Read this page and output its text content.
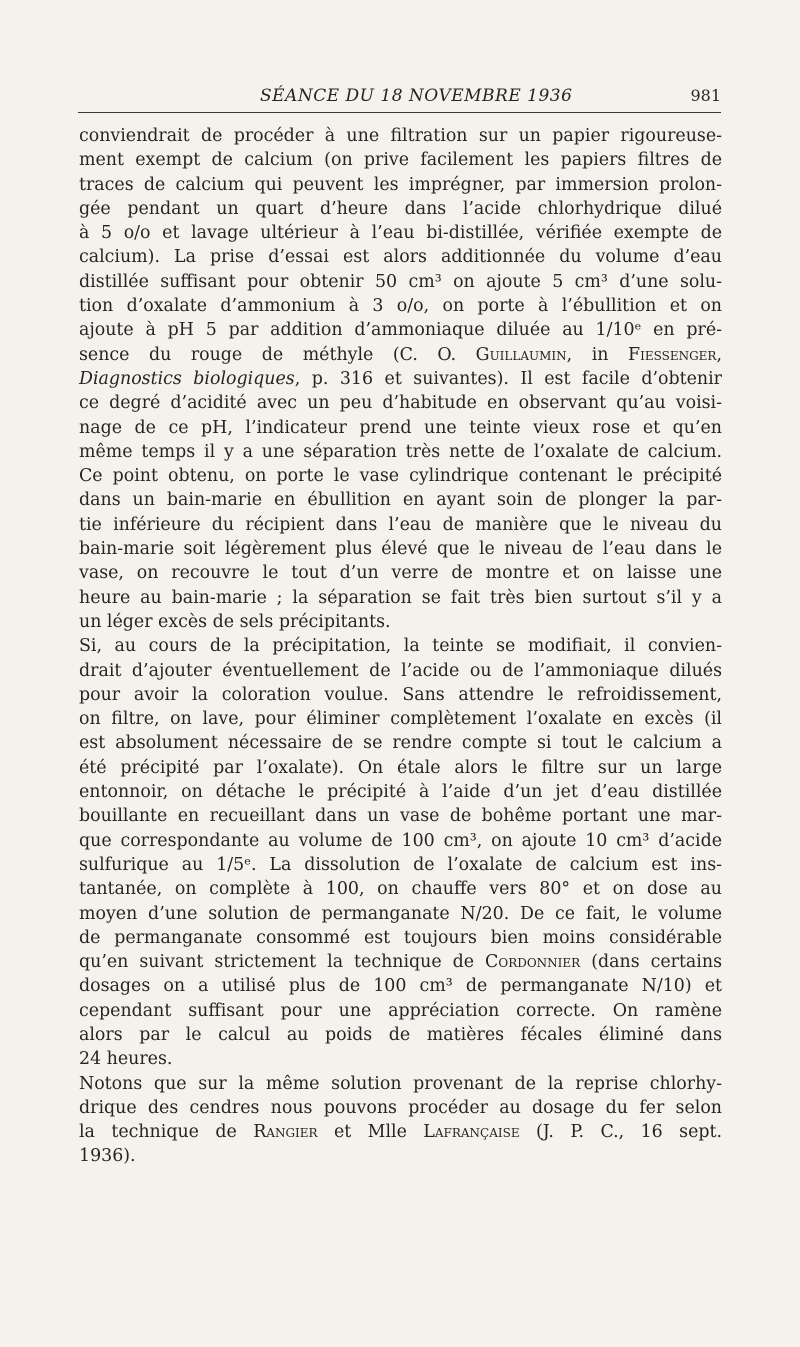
SÉANCE DU 18 NOVEMBRE 1936	981
conviendrait de procéder à une filtration sur un papier rigoureuse-
ment exempt de calcium (on prive facilement les papiers filtres de
traces de calcium qui peuvent les imprégner, par immersion prolon-
gée pendant un quart d’heure dans l’acide chlorhydrique dilué
à 5 o/o et lavage ultérieur à l’eau bi-distillée, vérifiée exempte de
calcium). La prise d’essai est alors additionnée du volume d’eau
distillée suffisant pour obtenir 50 cm³ on ajoute 5 cm³ d’une solu-
tion d’oxalate d’ammonium à 3 o/o, on porte à l’ébullition et on
ajoute à pH 5 par addition d’ammoniaque diluée au 1/10ᵉ en pré-
sence du rouge de méthyle (C. O. Guillaumin, in Fiessenger,
Diagnostics biologiques, p. 316 et suivantes). Il est facile d’obtenir
ce degré d’acidité avec un peu d’habitude en observant qu’au voisi-
nage de ce pH, l’indicateur prend une teinte vieux rose et qu’en
même temps il y a une séparation très nette de l’oxalate de calcium.
Ce point obtenu, on porte le vase cylindrique contenant le précipité
dans un bain-marie en ébullition en ayant soin de plonger la par-
tie inférieure du récipient dans l’eau de manière que le niveau du
bain-marie soit légèrement plus élevé que le niveau de l’eau dans le
vase, on recouvre le tout d’un verre de montre et on laisse une
heure au bain-marie ; la séparation se fait très bien surtout s’il y a
un léger excès de sels précipitants.
Si, au cours de la précipitation, la teinte se modifiait, il convien-
drait d’ajouter éventuellement de l’acide ou de l’ammoniaque dilués
pour avoir la coloration voulue. Sans attendre le refroidissement,
on filtre, on lave, pour éliminer complètement l’oxalate en excès (il
est absolument nécessaire de se rendre compte si tout le calcium a
été précipité par l’oxalate). On étale alors le filtre sur un large
entonnoir, on détache le précipité à l’aide d’un jet d’eau distillée
bouillante en recueillant dans un vase de bohême portant une mar-
que correspondante au volume de 100 cm³, on ajoute 10 cm³ d’acide
sulfurique au 1/5ᵉ. La dissolution de l’oxalate de calcium est ins-
tantanée, on complète à 100, on chauffe vers 80° et on dose au
moyen d’une solution de permanganate N/20. De ce fait, le volume
de permanganate consommé est toujours bien moins considérable
qu’en suivant strictement la technique de Cordonnier (dans certains
dosages on a utilisé plus de 100 cm³ de permanganate N/10) et
cependant suffisant pour une appréciation correcte. On ramène
alors par le calcul au poids de matières fécales éliminé dans
24 heures.
Notons que sur la même solution provenant de la reprise chlorhy-
drique des cendres nous pouvons procéder au dosage du fer selon
la technique de Rangier et Mlle Lafrançaise (J. P. C., 16 sept.
1936).
